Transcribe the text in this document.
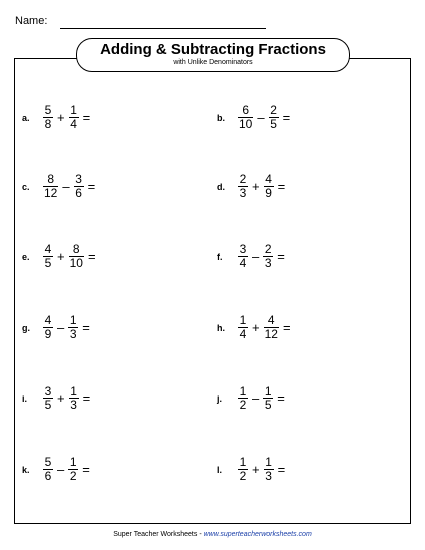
Name:
Adding & Subtracting Fractions
with Unlike Denominators
a.	$\frac{5}{8} + \frac{1}{4}$ =	b.	$\frac{6}{10} - \frac{2}{5}$ =
c.	$\frac{8}{12} - \frac{3}{6}$ =	d.	$\frac{2}{3} + \frac{4}{9}$ =
e.	$\frac{4}{5} + \frac{8}{10}$ =	f.	$\frac{3}{4} - \frac{2}{3}$ =
g.	$\frac{4}{9} - \frac{1}{3}$ =	h.	$\frac{1}{4} + \frac{4}{12}$ =
i.	$\frac{3}{5} + \frac{1}{3}$ =	j.	$\frac{1}{2} - \frac{1}{5}$ =
k.	$\frac{5}{6} - \frac{1}{2}$ =	l.	$\frac{1}{2} + \frac{1}{3}$ =
Super Teacher Worksheets - www.superteacherworksheets.com
